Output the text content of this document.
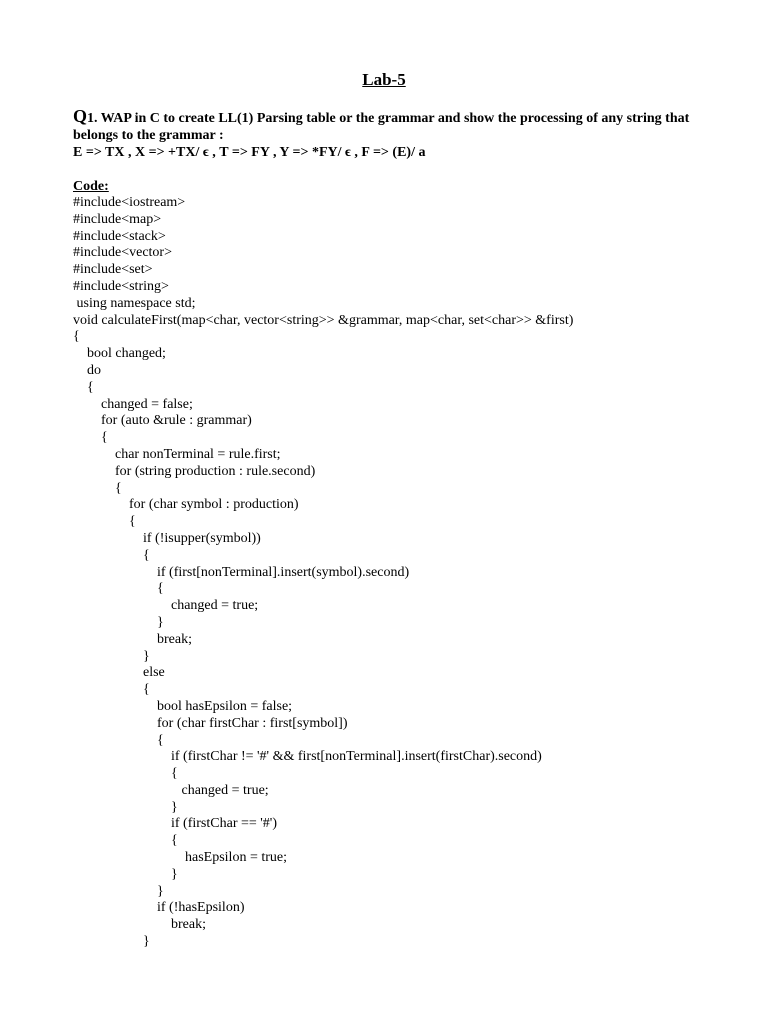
Lab-5
Q1. WAP in C to create LL(1) Parsing table or the grammar and show the processing of any string that belongs to the grammar :
E => TX , X => +TX/ ϵ , T => FY , Y => *FY/ ϵ , F => (E)/ a
Code:
#include<iostream>
#include<map>
#include<stack>
#include<vector>
#include<set>
#include<string>
using namespace std;
void calculateFirst(map<char, vector<string>> &grammar, map<char, set<char>> &first)
{
bool changed;
do
{
changed = false;
for (auto &rule : grammar)
{
char nonTerminal = rule.first;
for (string production : rule.second)
{
for (char symbol : production)
{
if (!isupper(symbol))
{
if (first[nonTerminal].insert(symbol).second)
{
changed = true;
}
break;
}
else
{
bool hasEpsilon = false;
for (char firstChar : first[symbol])
{
if (firstChar != '#' && first[nonTerminal].insert(firstChar).second)
{
changed = true;
}
if (firstChar == '#')
{
hasEpsilon = true;
}
}
if (!hasEpsilon)
break;
}
